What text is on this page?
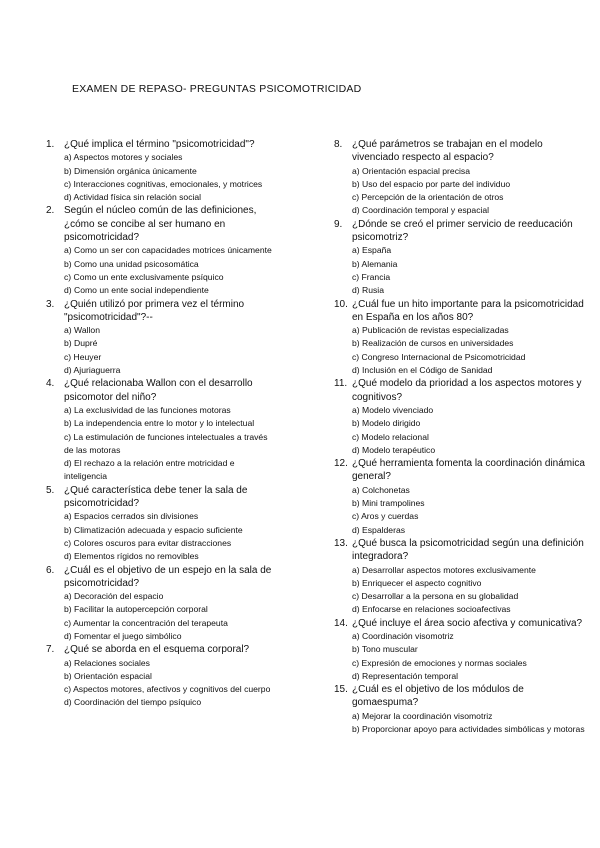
EXAMEN DE REPASO- PREGUNTAS PSICOMOTRICIDAD
1. ¿Qué implica el término "psicomotricidad"?
a) Aspectos motores y sociales
b) Dimensión orgánica únicamente
c) Interacciones cognitivas, emocionales, y motrices
d) Actividad física sin relación social
2. Según el núcleo común de las definiciones, ¿cómo se concibe al ser humano en psicomotricidad?
a) Como un ser con capacidades motrices únicamente
b) Como una unidad psicosomática
c) Como un ente exclusivamente psíquico
d) Como un ente social independiente
3. ¿Quién utilizó por primera vez el término "psicomotricidad"?--
a) Wallon
b) Dupré
c) Heuyer
d) Ajuriaguerra
4. ¿Qué relacionaba Wallon con el desarrollo psicomotor del niño?
a) La exclusividad de las funciones motoras
b) La independencia entre lo motor y lo intelectual
c) La estimulación de funciones intelectuales a través de las motoras
d) El rechazo a la relación entre motricidad e inteligencia
5. ¿Qué característica debe tener la sala de psicomotricidad?
a) Espacios cerrados sin divisiones
b) Climatización adecuada y espacio suficiente
c) Colores oscuros para evitar distracciones
d) Elementos rígidos no removibles
6. ¿Cuál es el objetivo de un espejo en la sala de psicomotricidad?
a) Decoración del espacio
b) Facilitar la autopercepción corporal
c) Aumentar la concentración del terapeuta
d) Fomentar el juego simbólico
7. ¿Qué se aborda en el esquema corporal?
a) Relaciones sociales
b) Orientación espacial
c) Aspectos motores, afectivos y cognitivos del cuerpo
d) Coordinación del tiempo psíquico
8. ¿Qué parámetros se trabajan en el modelo vivenciado respecto al espacio?
a) Orientación espacial precisa
b) Uso del espacio por parte del individuo
c) Percepción de la orientación de otros
d) Coordinación temporal y espacial
9. ¿Dónde se creó el primer servicio de reeducación psicomotriz?
a) España
b) Alemania
c) Francia
d) Rusia
10. ¿Cuál fue un hito importante para la psicomotricidad en España en los años 80?
a) Publicación de revistas especializadas
b) Realización de cursos en universidades
c) Congreso Internacional de Psicomotricidad
d) Inclusión en el Código de Sanidad
11. ¿Qué modelo da prioridad a los aspectos motores y cognitivos?
a) Modelo vivenciado
b) Modelo dirigido
c) Modelo relacional
d) Modelo terapéutico
12. ¿Qué herramienta fomenta la coordinación dinámica general?
a) Colchonetas
b) Mini trampolines
c) Aros y cuerdas
d) Espalderas
13. ¿Qué busca la psicomotricidad según una definición integradora?
a) Desarrollar aspectos motores exclusivamente
b) Enriquecer el aspecto cognitivo
c) Desarrollar a la persona en su globalidad
d) Enfocarse en relaciones socioafectivas
14. ¿Qué incluye el área socio afectiva y comunicativa?
a) Coordinación visomotriz
b) Tono muscular
c) Expresión de emociones y normas sociales
d) Representación temporal
15. ¿Cuál es el objetivo de los módulos de gomaespuma?
a) Mejorar la coordinación visomotriz
b) Proporcionar apoyo para actividades simbólicas y motoras
